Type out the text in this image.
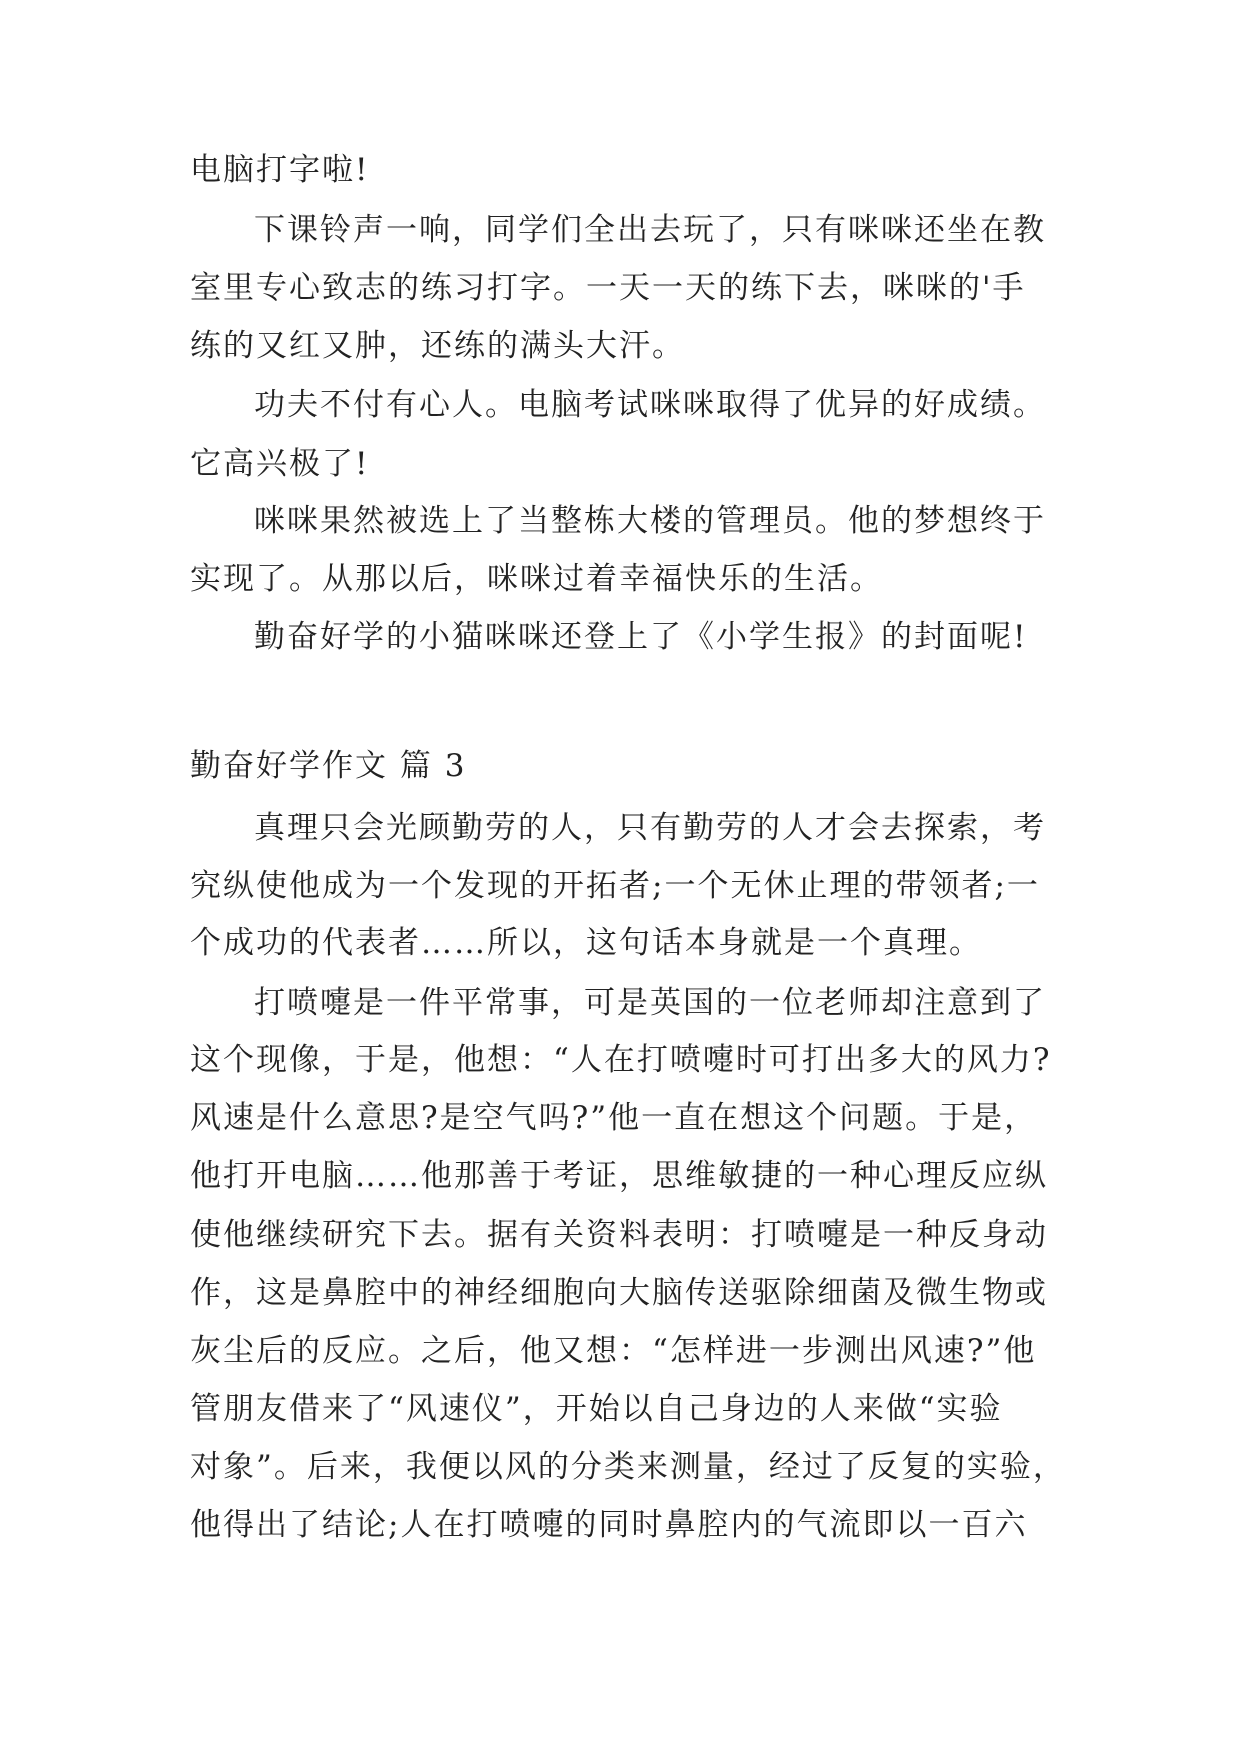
电脑打字啦!
下课铃声一响，同学们全出去玩了，只有咪咪还坐在教
室里专心致志的练习打字。一天一天的练下去，咪咪的'手
练的又红又肿，还练的满头大汗。
功夫不付有心人。电脑考试咪咪取得了优异的好成绩。
它高兴极了!
咪咪果然被选上了当整栋大楼的管理员。他的梦想终于
实现了。从那以后，咪咪过着幸福快乐的生活。
勤奋好学的小猫咪咪还登上了《小学生报》的封面呢!
勤奋好学作文 篇 3
真理只会光顾勤劳的人，只有勤劳的人才会去探索，考
究纵使他成为一个发现的开拓者;一个无休止理的带领者;一
个成功的代表者……所以，这句话本身就是一个真理。
打喷嚏是一件平常事，可是英国的一位老师却注意到了
这个现像，于是，他想：“人在打喷嚏时可打出多大的风力?
风速是什么意思?是空气吗?”他一直在想这个问题。于是，
他打开电脑……他那善于考证，思维敏捷的一种心理反应纵
使他继续研究下去。据有关资料表明：打喷嚏是一种反身动
作，这是鼻腔中的神经细胞向大脑传送驱除细菌及微生物或
灰尘后的反应。之后，他又想：“怎样进一步测出风速?”他
管朋友借来了“风速仪”，开始以自己身边的人来做“实验
对象”。后来，我便以风的分类来测量，经过了反复的实验，
他得出了结论;人在打喷嚏的同时鼻腔内的气流即以一百六
